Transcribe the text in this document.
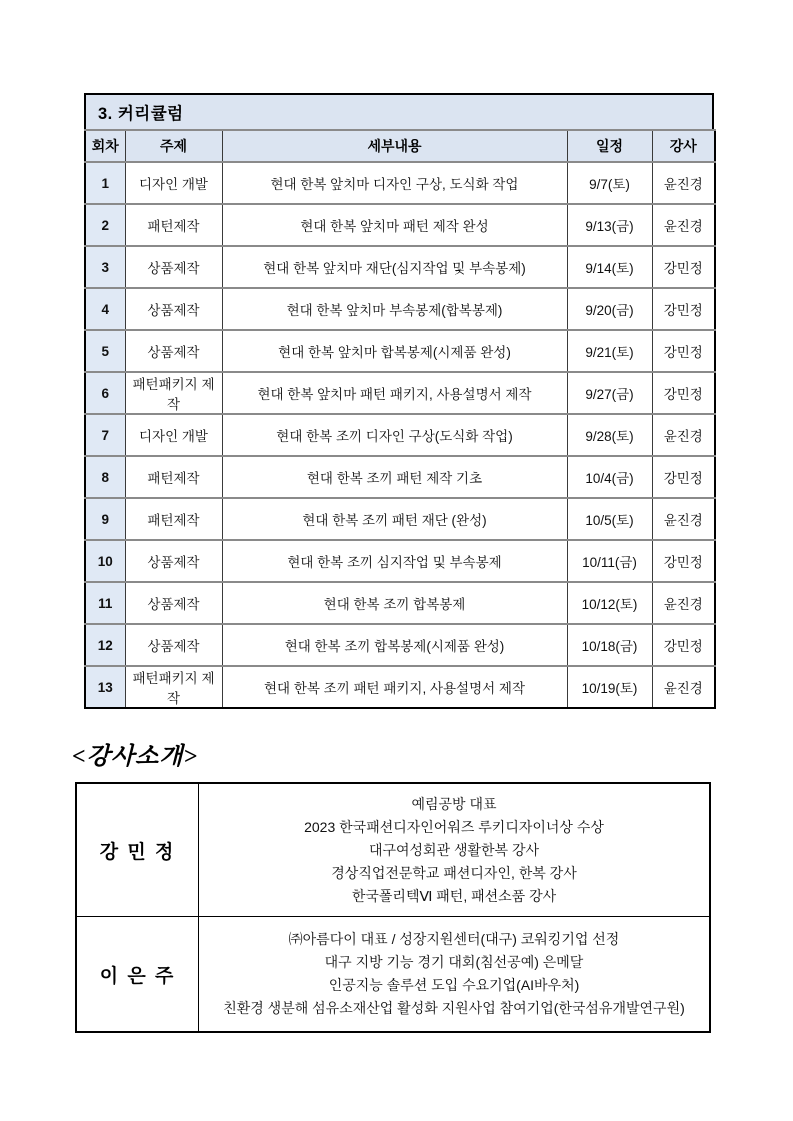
3. 커리큘럼
회차	주제	세부내용	일정	강사
1	디자인 개발	현대 한복 앞치마 디자인 구상, 도식화 작업	9/7(토)	윤진경
2	패턴제작	현대 한복 앞치마 패턴 제작 완성	9/13(금)	윤진경
3	상품제작	현대 한복 앞치마 재단(심지작업 및 부속봉제)	9/14(토)	강민정
4	상품제작	현대 한복 앞치마 부속봉제(합복봉제)	9/20(금)	강민정
5	상품제작	현대 한복 앞치마 합복봉제(시제품 완성)	9/21(토)	강민정
6	패턴패키지 제작	현대 한복 앞치마 패턴 패키지, 사용설명서 제작	9/27(금)	강민정
7	디자인 개발	현대 한복 조끼 디자인 구상(도식화 작업)	9/28(토)	윤진경
8	패턴제작	현대 한복 조끼 패턴 제작 기초	10/4(금)	강민정
9	패턴제작	현대 한복 조끼 패턴 재단 (완성)	10/5(토)	윤진경
10	상품제작	현대 한복 조끼 심지작업 및 부속봉제	10/11(금)	강민정
11	상품제작	현대 한복 조끼 합복봉제	10/12(토)	윤진경
12	상품제작	현대 한복 조끼 합복봉제(시제품 완성)	10/18(금)	강민정
13	패턴패키지 제작	현대 한복 조끼 패턴 패키지, 사용설명서 제작	10/19(토)	윤진경
<강사소개>
강 민 정	예림공방 대표
2023 한국패션디자인어워즈 루키디자이너상 수상
대구여성회관 생활한복 강사
경상직업전문학교 패션디자인, 한복 강사
한국폴리텍Ⅵ 패턴, 패션소품 강사

이 은 주	㈜아름다이 대표 / 성장지원센터(대구) 코워킹기업 선정
대구 지방 기능 경기 대회(침선공예) 은메달
인공지능 솔루션 도입 수요기업(AI바우처)
친환경 생분해 섬유소재산업 활성화 지원사업 참여기업(한국섬유개발연구원)
